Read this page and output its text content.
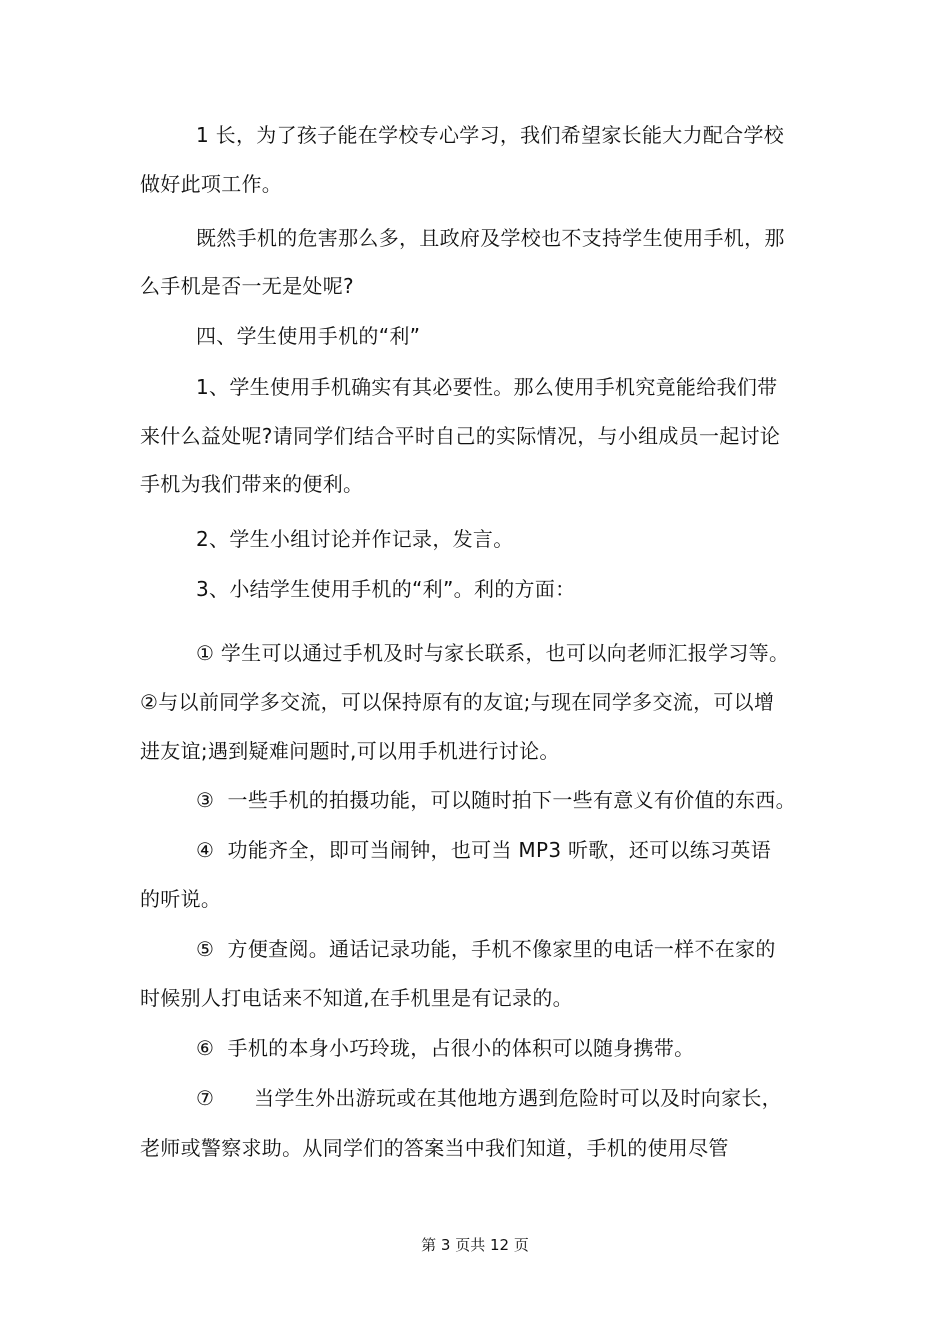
1 长，为了孩子能在学校专心学习，我们希望家长能大力配合学校
做好此项工作。
既然手机的危害那么多，且政府及学校也不支持学生使用手机，那
么手机是否一无是处呢?
四、学生使用手机的“利”
1、学生使用手机确实有其必要性。那么使用手机究竟能给我们带
来什么益处呢?请同学们结合平时自己的实际情况，与小组成员一起讨论
手机为我们带来的便利。
2、学生小组讨论并作记录，发言。
3、小结学生使用手机的“利”。利的方面：
① 学生可以通过手机及时与家长联系，也可以向老师汇报学习等。
②与以前同学多交流，可以保持原有的友谊;与现在同学多交流，可以增
进友谊;遇到疑难问题时,可以用手机进行讨论。
③  一些手机的拍摄功能，可以随时拍下一些有意义有价值的东西。
④  功能齐全，即可当闹钟，也可当 MP3 听歌，还可以练习英语
的听说。
⑤  方便查阅。通话记录功能，手机不像家里的电话一样不在家的
时候别人打电话来不知道,在手机里是有记录的。
⑥  手机的本身小巧玲珑，占很小的体积可以随身携带。
⑦      当学生外出游玩或在其他地方遇到危险时可以及时向家长，
老师或警察求助。从同学们的答案当中我们知道，手机的使用尽管
第 3 页共 12 页
